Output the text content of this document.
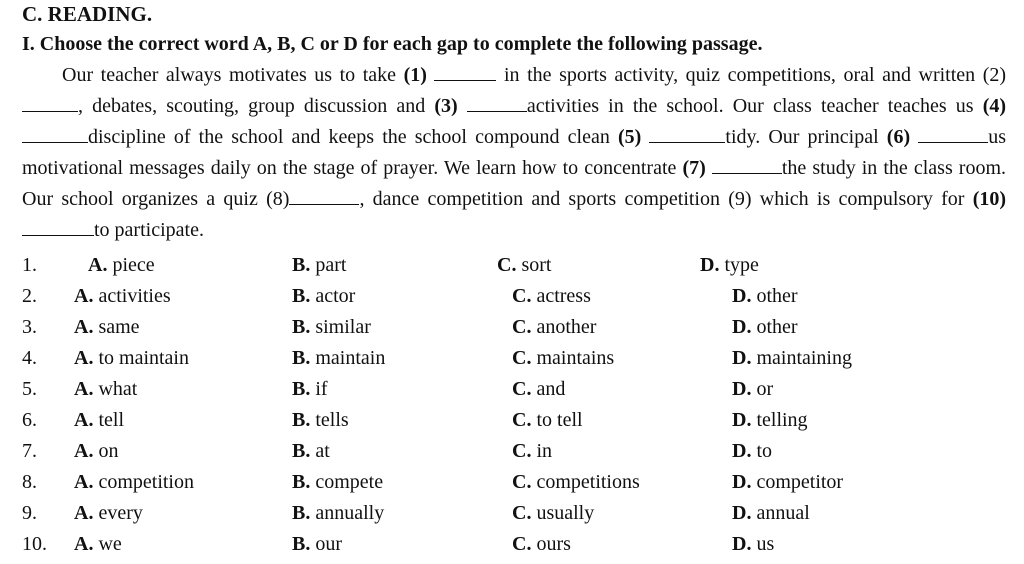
C. READING.
I. Choose the correct word A, B, C or D for each gap to complete the following passage.

Our teacher always motivates us to take (1)	in the sports activity, quiz competitions, oral and written (2), debates, scouting, group discussion and (3)	activities in the school. Our class teacher teaches us (4) discipline of the school and keeps the school compound clean (5)	tidy. Our principal (6)	us motivational messages daily on the stage of prayer. We learn how to concentrate (7)	the study in the class room. Our school organizes a quiz (8)	, dance competition and sports competition (9) which is compulsory for (10) to participate.

1.	A. piece	B. part	C. sort	D. type
2. A. activities	B. actor	C. actress	D. other
3. A. same	B. similar	C. another	D. other
4. A. to maintain	B. maintain	C. maintains	D. maintaining
5. A. what	B. if	C. and	D. or
6. A. tell	B. tells	C. to tell	D. telling
7. A. on	B. at	C. in	D. to
8. A. competition	B. compete	C. competitions	D. competitor
9. A. every	B. annually	C. usually	D. annual
10. A. we	B. our	C. ours	D. us
